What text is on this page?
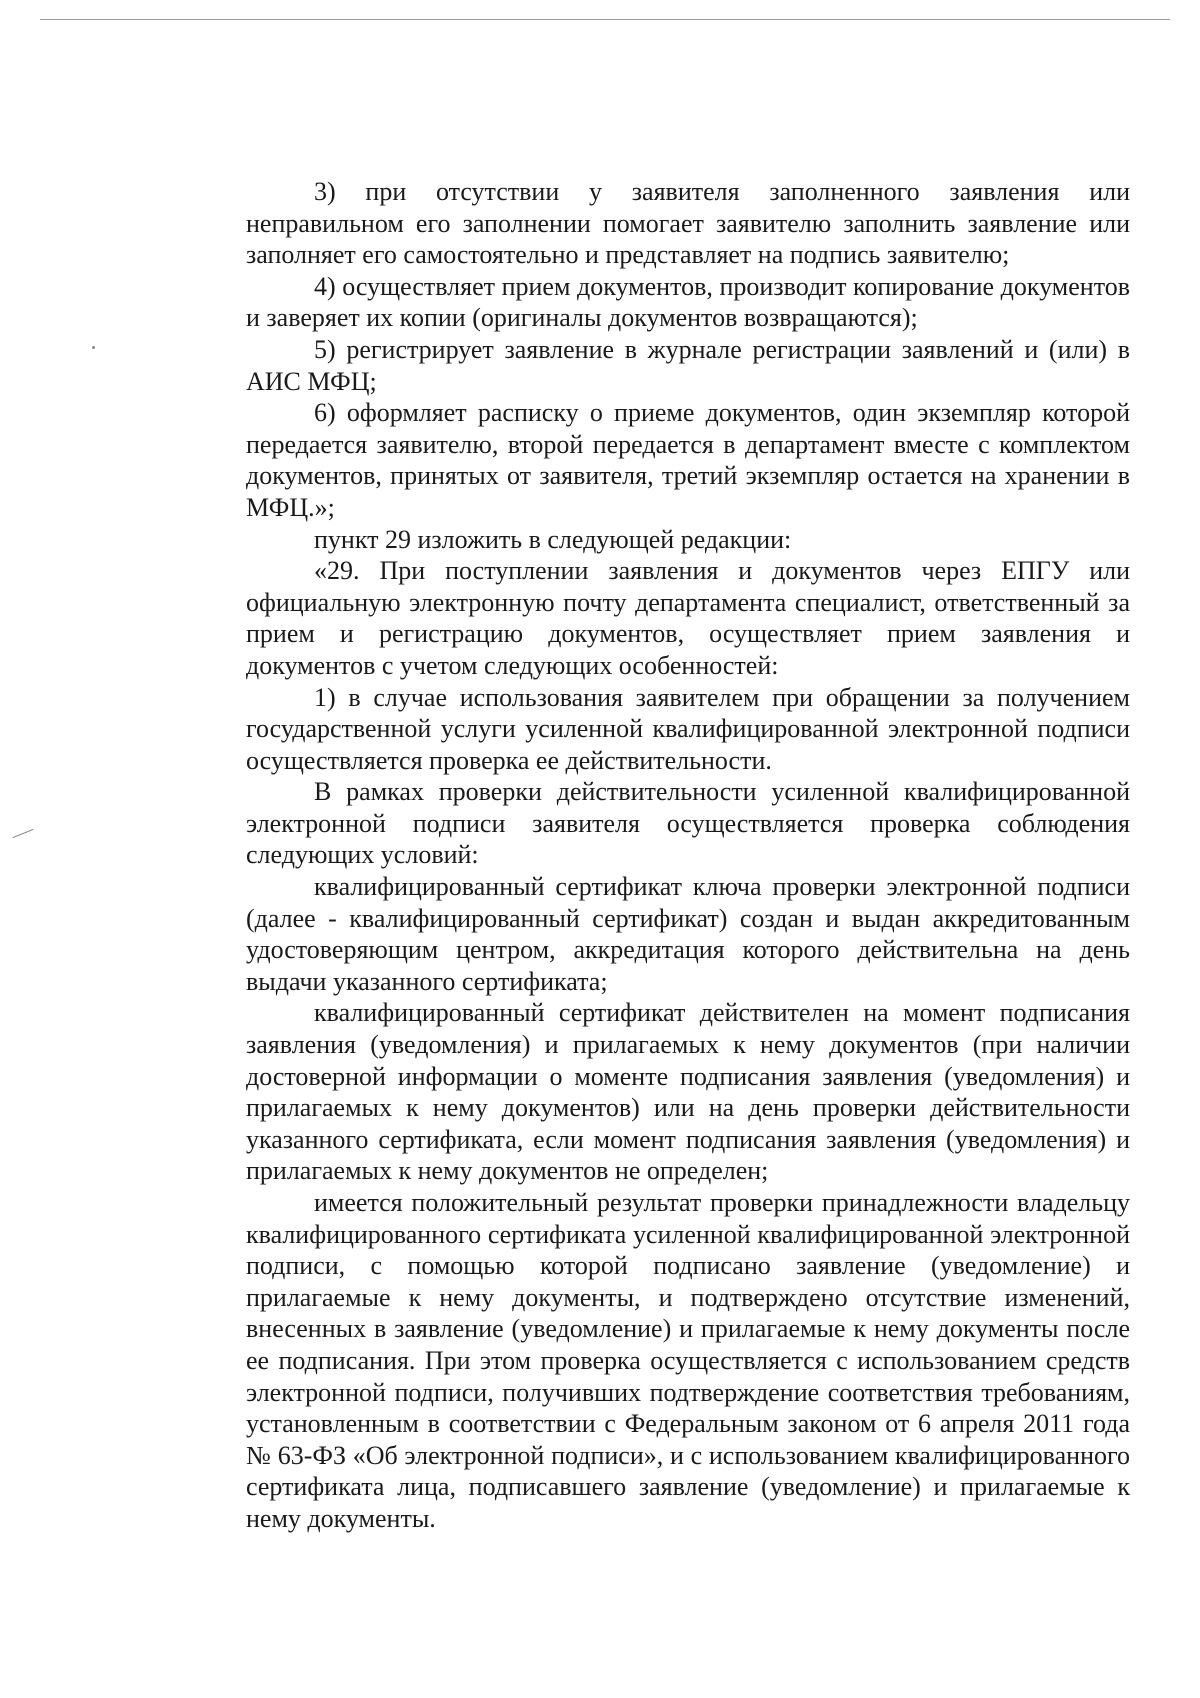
3) при отсутствии у заявителя заполненного заявления или неправильном его заполнении помогает заявителю заполнить заявление или заполняет его самостоятельно и представляет на подпись заявителю;

4) осуществляет прием документов, производит копирование документов и заверяет их копии (оригиналы документов возвращаются);

5) регистрирует заявление в журнале регистрации заявлений и (или) в АИС МФЦ;

6) оформляет расписку о приеме документов, один экземпляр которой передается заявителю, второй передается в департамент вместе с комплектом документов, принятых от заявителя, третий экземпляр остается на хранении в МФЦ.»;

пункт 29 изложить в следующей редакции:

«29. При поступлении заявления и документов через ЕПГУ или официальную электронную почту департамента специалист, ответственный за прием и регистрацию документов, осуществляет прием заявления и документов с учетом следующих особенностей:

1) в случае использования заявителем при обращении за получением государственной услуги усиленной квалифицированной электронной подписи осуществляется проверка ее действительности.

В рамках проверки действительности усиленной квалифицированной электронной подписи заявителя осуществляется проверка соблюдения следующих условий:

квалифицированный сертификат ключа проверки электронной подписи (далее - квалифицированный сертификат) создан и выдан аккредитованным удостоверяющим центром, аккредитация которого действительна на день выдачи указанного сертификата;

квалифицированный сертификат действителен на момент подписания заявления (уведомления) и прилагаемых к нему документов (при наличии достоверной информации о моменте подписания заявления (уведомления) и прилагаемых к нему документов) или на день проверки действительности указанного сертификата, если момент подписания заявления (уведомления) и прилагаемых к нему документов не определен;

имеется положительный результат проверки принадлежности владельцу квалифицированного сертификата усиленной квалифицированной электронной подписи, с помощью которой подписано заявление (уведомление) и прилагаемые к нему документы, и подтверждено отсутствие изменений, внесенных в заявление (уведомление) и прилагаемые к нему документы после ее подписания. При этом проверка осуществляется с использованием средств электронной подписи, получивших подтверждение соответствия требованиям, установленным в соответствии с Федеральным законом от 6 апреля 2011 года № 63-ФЗ «Об электронной подписи», и с использованием квалифицированного сертификата лица, подписавшего заявление (уведомление) и прилагаемые к нему документы.
